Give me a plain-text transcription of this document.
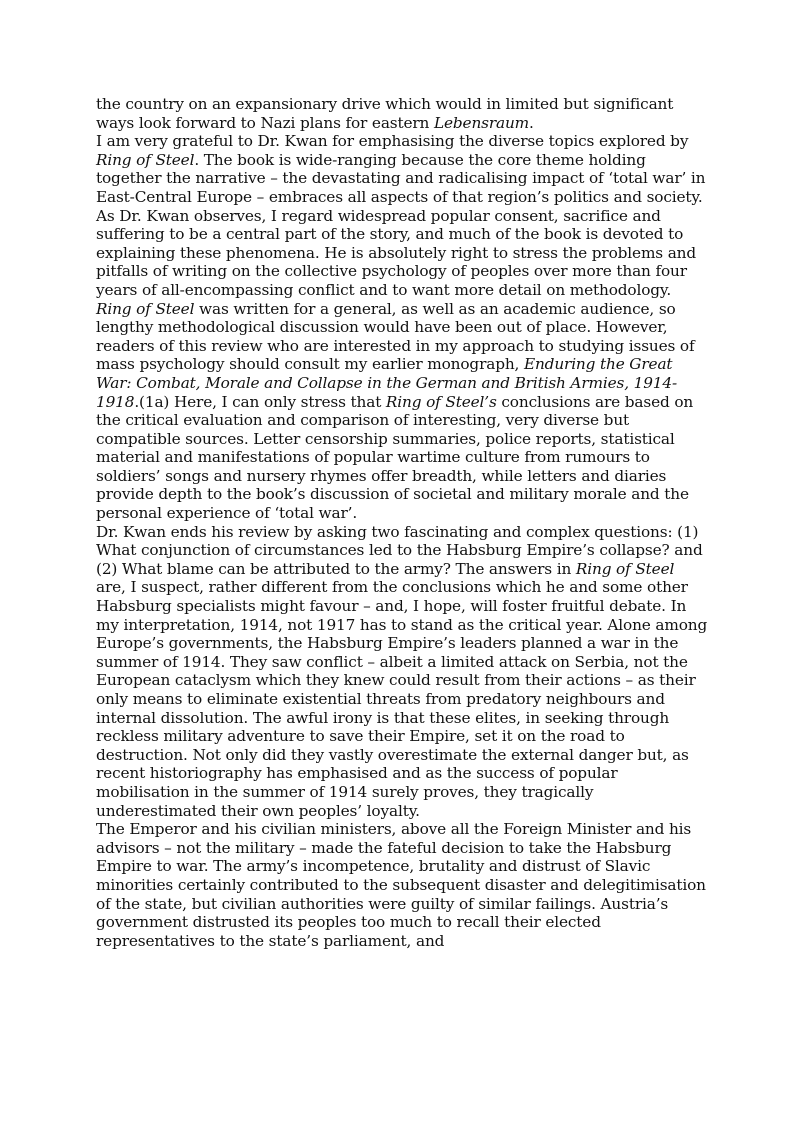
the country on an expansionary drive which would in limited but significant ways look forward to Nazi plans for eastern Lebensraum.

I am very grateful to Dr. Kwan for emphasising the diverse topics explored by Ring of Steel. The book is wide-ranging because the core theme holding together the narrative – the devastating and radicalising impact of ‘total war’ in East-Central Europe – embraces all aspects of that region’s politics and society. As Dr. Kwan observes, I regard widespread popular consent, sacrifice and suffering to be a central part of the story, and much of the book is devoted to explaining these phenomena. He is absolutely right to stress the problems and pitfalls of writing on the collective psychology of peoples over more than four years of all-encompassing conflict and to want more detail on methodology. Ring of Steel was written for a general, as well as an academic audience, so lengthy methodological discussion would have been out of place. However, readers of this review who are interested in my approach to studying issues of mass psychology should consult my earlier monograph, Enduring the Great War: Combat, Morale and Collapse in the German and British Armies, 1914-1918.(1a) Here, I can only stress that Ring of Steel’s conclusions are based on the critical evaluation and comparison of interesting, very diverse but compatible sources. Letter censorship summaries, police reports, statistical material and manifestations of popular wartime culture from rumours to soldiers’ songs and nursery rhymes offer breadth, while letters and diaries provide depth to the book’s discussion of societal and military morale and the personal experience of ‘total war’.

Dr. Kwan ends his review by asking two fascinating and complex questions: (1) What conjunction of circumstances led to the Habsburg Empire’s collapse? and (2) What blame can be attributed to the army? The answers in Ring of Steel are, I suspect, rather different from the conclusions which he and some other Habsburg specialists might favour – and, I hope, will foster fruitful debate. In my interpretation, 1914, not 1917 has to stand as the critical year. Alone among Europe’s governments, the Habsburg Empire’s leaders planned a war in the summer of 1914. They saw conflict – albeit a limited attack on Serbia, not the European cataclysm which they knew could result from their actions – as their only means to eliminate existential threats from predatory neighbours and internal dissolution. The awful irony is that these elites, in seeking through reckless military adventure to save their Empire, set it on the road to destruction. Not only did they vastly overestimate the external danger but, as recent historiography has emphasised and as the success of popular mobilisation in the summer of 1914 surely proves, they tragically underestimated their own peoples’ loyalty.

The Emperor and his civilian ministers, above all the Foreign Minister and his advisors – not the military – made the fateful decision to take the Habsburg Empire to war. The army’s incompetence, brutality and distrust of Slavic minorities certainly contributed to the subsequent disaster and delegitimisation of the state, but civilian authorities were guilty of similar failings. Austria’s government distrusted its peoples too much to recall their elected representatives to the state’s parliament, and
